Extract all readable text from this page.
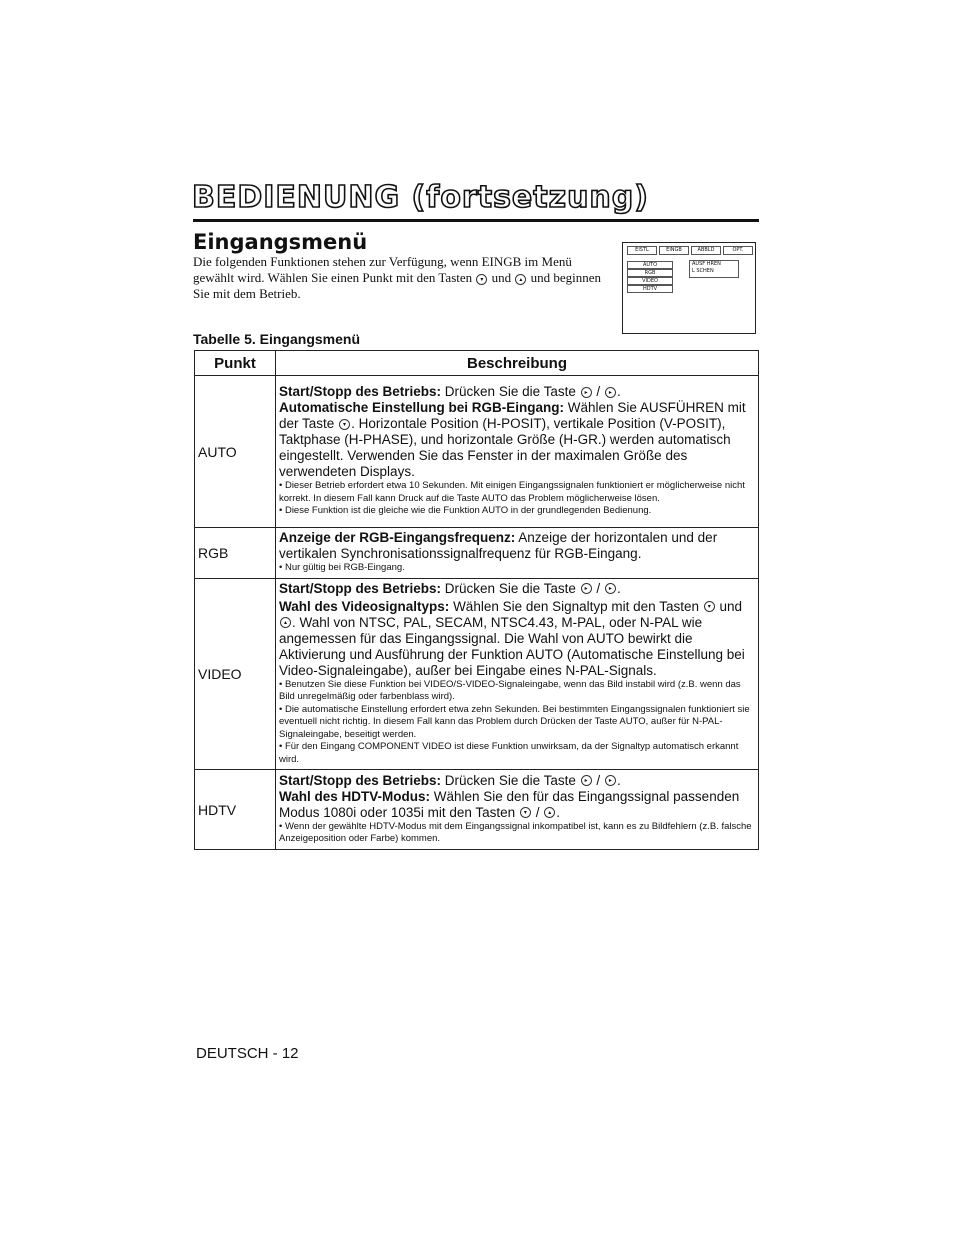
BEDIENUNG (fortsetzung)
Eingangsmenü
Die folgenden Funktionen stehen zur Verfügung, wenn EINGB im Menü gewählt wird. Wählen Sie einen Punkt mit den Tasten ▾ und ▴ und beginnen Sie mit dem Betrieb.
EISTL	EINGB	ABBLD	OPT.
AUTO
RGB
VIDEO
HDTV
AUSF HREN
L SCHEN
Tabelle 5. Eingangsmenü
Punkt	Beschreibung
AUTO	Start/Stopp des Betriebs: Drücken Sie die Taste ▸ / ▸ .
Automatische Einstellung bei RGB-Eingang: Wählen Sie AUSFÜHREN mit der Taste ▾ . Horizontale Position (H-POSIT), vertikale Position (V-POSIT), Taktphase (H-PHASE), und horizontale Größe (H-GR.) werden automatisch eingestellt. Verwenden Sie das Fenster in der maximalen Größe des verwendeten Displays.
• Dieser Betrieb erfordert etwa 10 Sekunden. Mit einigen Eingangssignalen funktioniert er möglicherweise nicht korrekt. In diesem Fall kann Druck auf die Taste AUTO das Problem möglicherweise lösen.
• Diese Funktion ist die gleiche wie die Funktion AUTO in der grundlegenden Bedienung.

RGB	Anzeige der RGB-Eingangsfrequenz: Anzeige der horizontalen und der vertikalen Synchronisationssignalfrequenz für RGB-Eingang.
• Nur gültig bei RGB-Eingang.

VIDEO	Start/Stopp des Betriebs: Drücken Sie die Taste ▸ / ▸ .
Wahl des Videosignaltyps: Wählen Sie den Signaltyp mit den Tasten ▾ und ▴ . Wahl von NTSC, PAL, SECAM, NTSC4.43, M-PAL, oder N-PAL wie angemessen für das Eingangssignal. Die Wahl von AUTO bewirkt die Aktivierung und Ausführung der Funktion AUTO (Automatische Einstellung bei Video-Signaleingabe), außer bei Eingabe eines N-PAL-Signals.
• Benutzen Sie diese Funktion bei VIDEO/S-VIDEO-Signaleingabe, wenn das Bild instabil wird (z.B. wenn das Bild unregelmäßig oder farbenblass wird).
• Die automatische Einstellung erfordert etwa zehn Sekunden. Bei bestimmten Eingangssignalen funktioniert sie eventuell nicht richtig. In diesem Fall kann das Problem durch Drücken der Taste AUTO, außer für N-PAL-Signaleingabe, beseitigt werden.
• Für den Eingang COMPONENT VIDEO ist diese Funktion unwirksam, da der Signaltyp automatisch erkannt wird.

HDTV	Start/Stopp des Betriebs: Drücken Sie die Taste ▸ / ▸ .
Wahl des HDTV-Modus: Wählen Sie den für das Eingangssignal passenden Modus 1080i oder 1035i mit den Tasten ▾ / ▴ .
• Wenn der gewählte HDTV-Modus mit dem Eingangssignal inkompatibel ist, kann es zu Bildfehlern (z.B. falsche Anzeigeposition oder Farbe) kommen.
DEUTSCH - 12
